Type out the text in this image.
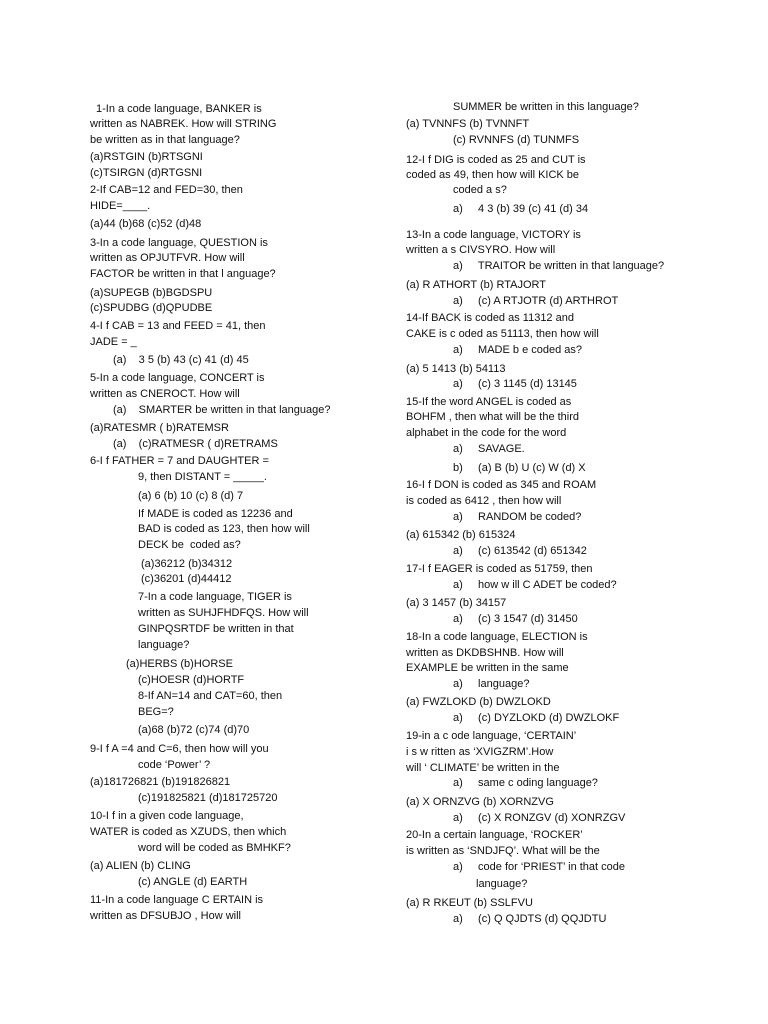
1-In a code language, BANKER is
written as NABREK. How will STRING
be written as in that language?
(a)RSTGIN (b)RTSGNI
(c)TSIRGN (d)RTGSNI
2-If CAB=12 and FED=30, then
HIDE=____.
(a)44 (b)68 (c)52 (d)48
3-In a code language, QUESTION is
written as OPJUTFVR. How will
FACTOR be written in that l anguage?
(a)SUPEGB (b)BGDSPU
(c)SPUDBG (d)QPUDBE
4-I f CAB = 13 and FEED = 41, then
JADE = _
(a)    3 5 (b) 43 (c) 41 (d) 45
5-In a code language, CONCERT is
written as CNEROCT. How will
(a)    SMARTER be written in that language?
(a)RATESMR ( b)RATEMSR
(a)    (c)RATMESR ( d)RETRAMS
6-I f FATHER = 7 and DAUGHTER =
9, then DISTANT = _____.
(a) 6 (b) 10 (c) 8 (d) 7
If MADE is coded as 12236 and
BAD is coded as 123, then how will
DECK be  coded as?
(a)36212 (b)34312
(c)36201 (d)44412
7-In a code language, TIGER is
written as SUHJFHDFQS. How will
GINPQSRTDF be written in that
language?
(a)HERBS (b)HORSE
(c)HOESR (d)HORTF
8-If AN=14 and CAT=60, then
BEG=?
(a)68 (b)72 (c)74 (d)70
9-I f A =4 and C=6, then how will you
code ‘Power’ ?
(a)181726821 (b)191826821
(c)191825821 (d)181725720
10-I f in a given code language,
WATER is coded as XZUDS, then which
word will be coded as BMHKF?
(a) ALIEN (b) CLING
(c) ANGLE (d) EARTH
11-In a code language C ERTAIN is
written as DFSUBJO , How will
SUMMER be written in this language?
(a) TVNNFS (b) TVNNFT
(c) RVNNFS (d) TUNMFS
12-I f DIG is coded as 25 and CUT is
coded as 49, then how will KICK be
coded a s?
a)     4 3 (b) 39 (c) 41 (d) 34
13-In a code language, VICTORY is
written a s CIVSYRO. How will
a)     TRAITOR be written in that language?
(a) R ATHORT (b) RTAJORT
a)     (c) A RTJOTR (d) ARTHROT
14-If BACK is coded as 11312 and
CAKE is c oded as 51113, then how will
a)     MADE b e coded as?
(a) 5 1413 (b) 54113
a)     (c) 3 1145 (d) 13145
15-If the word ANGEL is coded as
BOHFM , then what will be the third
alphabet in the code for the word
a)     SAVAGE.
b)     (a) B (b) U (c) W (d) X
16-I f DON is coded as 345 and ROAM
is coded as 6412 , then how will
a)     RANDOM be coded?
(a) 615342 (b) 615324
a)     (c) 613542 (d) 651342
17-I f EAGER is coded as 51759, then
a)     how w ill C ADET be coded?
(a) 3 1457 (b) 34157
a)     (c) 3 1547 (d) 31450
18-In a code language, ELECTION is
written as DKDBSHNB. How will
EXAMPLE be written in the same
a)     language?
(a) FWZLOKD (b) DWZLOKD
a)     (c) DYZLOKD (d) DWZLOKF
19-in a c ode language, ‘CERTAIN’
i s w ritten as ‘XVIGZRM’.How
will ‘ CLIMATE’ be written in the
a)     same c oding language?
(a) X ORNZVG (b) XORNZVG
a)     (c) X RONZGV (d) XONRZGV
20-In a certain language, ‘ROCKER’
is written as ‘SNDJFQ’. What will be the
a)     code for ‘PRIEST’ in that code
language?
(a) R RKEUT (b) SSLFVU
a)     (c) Q QJDTS (d) QQJDTU
